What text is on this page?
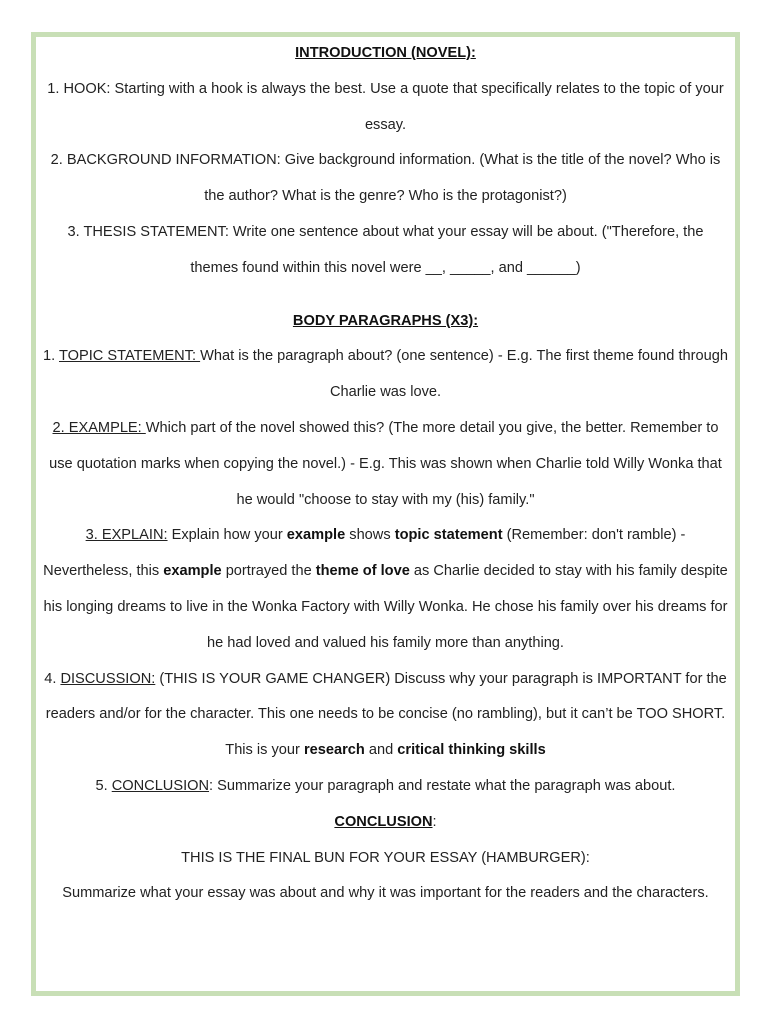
INTRODUCTION (NOVEL):

1. HOOK: Starting with a hook is always the best. Use a quote that specifically relates to the topic of your essay.

2. BACKGROUND INFORMATION: Give background information. (What is the title of the novel? Who is the author? What is the genre? Who is the protagonist?)

3. THESIS STATEMENT: Write one sentence about what your essay will be about. ("Therefore, the themes found within this novel were __, _____, and ______)

BODY PARAGRAPHS (X3):

1. TOPIC STATEMENT: What is the paragraph about? (one sentence) - E.g. The first theme found through Charlie was love.

2. EXAMPLE: Which part of the novel showed this? (The more detail you give, the better. Remember to use quotation marks when copying the novel.) - E.g. This was shown when Charlie told Willy Wonka that he would "choose to stay with my (his) family."

3. EXPLAIN: Explain how your example shows topic statement (Remember: don't ramble) - Nevertheless, this example portrayed the theme of love as Charlie decided to stay with his family despite his longing dreams to live in the Wonka Factory with Willy Wonka. He chose his family over his dreams for he had loved and valued his family more than anything.

4. DISCUSSION: (THIS IS YOUR GAME CHANGER) Discuss why your paragraph is IMPORTANT for the readers and/or for the character. This one needs to be concise (no rambling), but it can’t be TOO SHORT. This is your research and critical thinking skills

5. CONCLUSION: Summarize your paragraph and restate what the paragraph was about.

CONCLUSION:

THIS IS THE FINAL BUN FOR YOUR ESSAY (HAMBURGER):

Summarize what your essay was about and why it was important for the readers and the characters.
